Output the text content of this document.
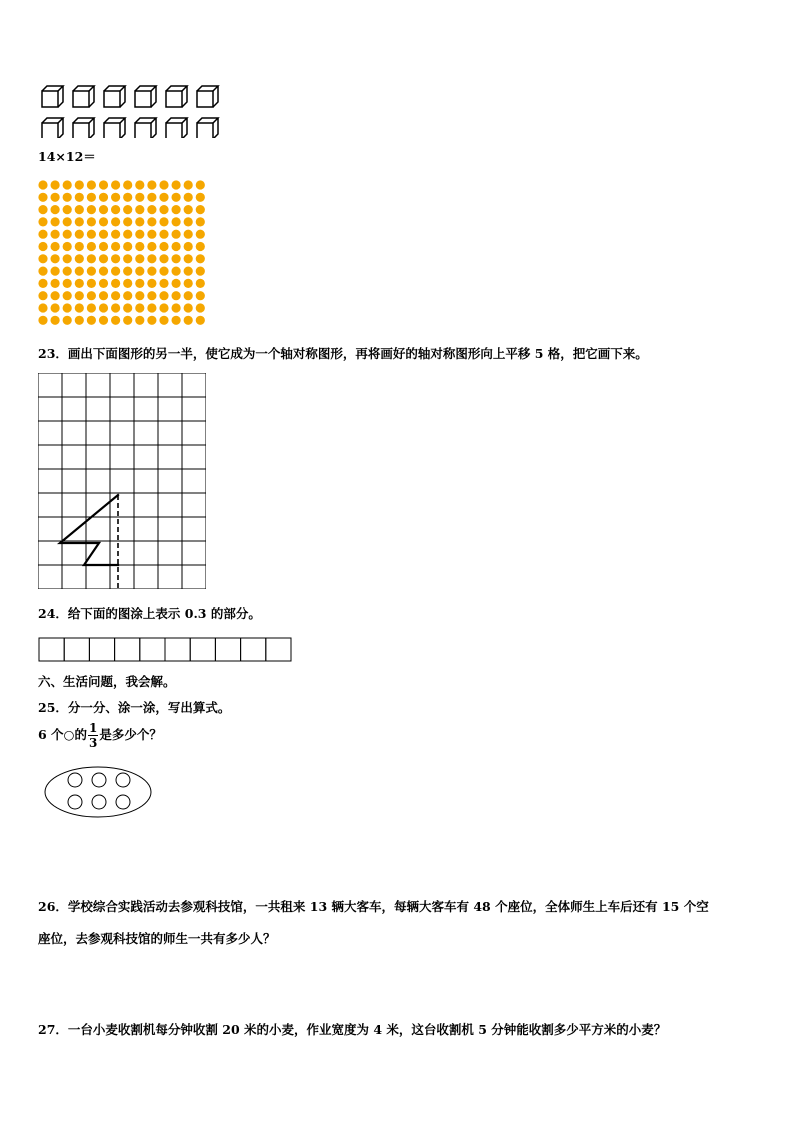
14×12＝
23．画出下面图形的另一半，使它成为一个轴对称图形，再将画好的轴对称图形向上平移 5 格，把它画下来。
24．给下面的图涂上表示 0.3 的部分。
六、生活问题，我会解。
25．分一分、涂一涂，写出算式。
6 个○的 $\frac{1}{3}$ 是多少个？
26．学校综合实践活动去参观科技馆，一共租来 13 辆大客车，每辆大客车有 48 个座位，全体师生上车后还有 15 个空
座位，去参观科技馆的师生一共有多少人？
27．一台小麦收割机每分钟收割 20 米的小麦，作业宽度为 4 米，这台收割机 5 分钟能收割多少平方米的小麦？
